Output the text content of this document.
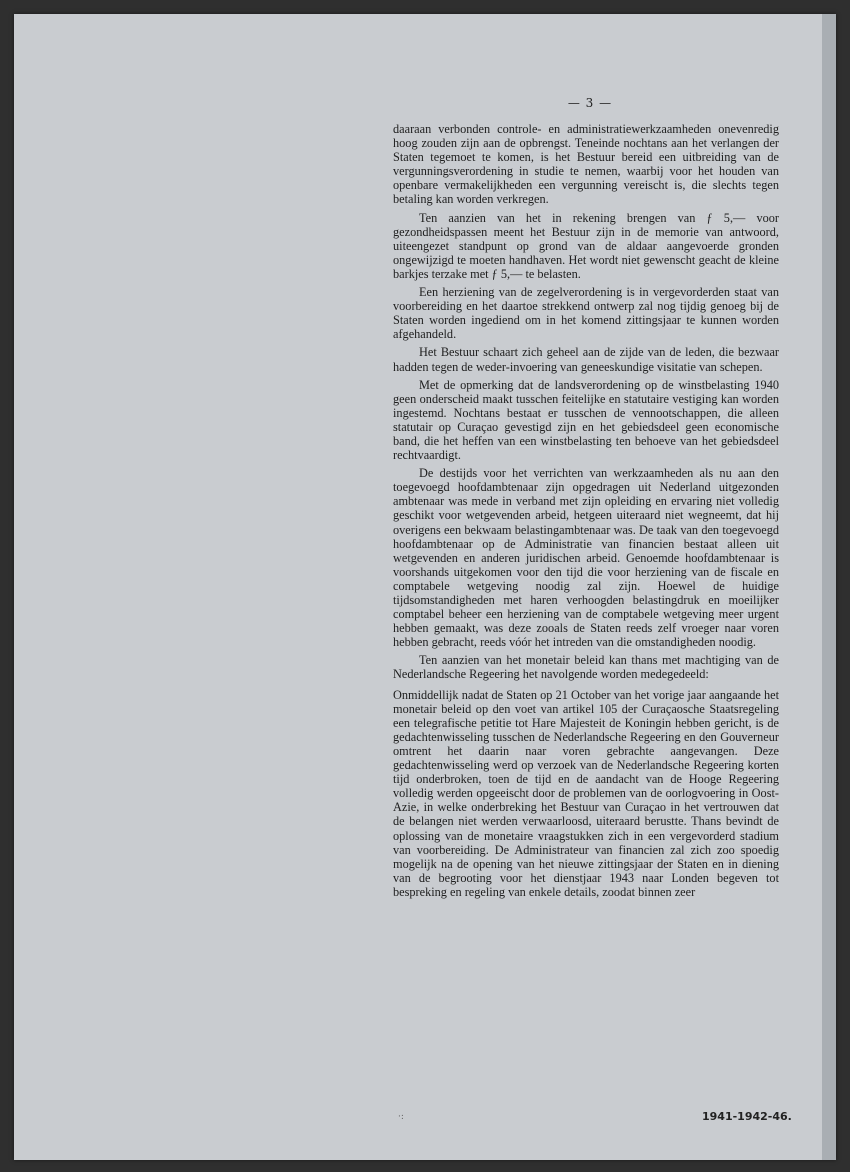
— 3 —

daaraan verbonden controle- en administratiewerkzaamheden onevenredig hoog zouden zijn aan de opbrengst. Teneinde nochtans aan het verlangen der Staten tegemoet te komen, is het Bestuur bereid een uitbreiding van de vergunningsverordening in studie te nemen, waarbij voor het houden van openbare vermakelijkheden een vergunning vereischt is, die slechts tegen betaling kan worden verkregen.

Ten aanzien van het in rekening brengen van ƒ 5,— voor gezondheidspassen meent het Bestuur zijn in de memorie van antwoord, uiteengezet standpunt op grond van de aldaar aangevoerde gronden ongewijzigd te moeten handhaven. Het wordt niet gewenscht geacht de kleine barkjes terzake met ƒ 5,— te belasten.

Een herziening van de zegelverordening is in vergevorderden staat van voorbereiding en het daartoe strekkend ontwerp zal nog tijdig genoeg bij de Staten worden ingediend om in het komend zittingsjaar te kunnen worden afgehandeld.

Het Bestuur schaart zich geheel aan de zijde van de leden, die bezwaar hadden tegen de weder-invoering van geneeskundige visitatie van schepen.

Met de opmerking dat de landsverordening op de winstbelasting 1940 geen onderscheid maakt tusschen feitelijke en statutaire vestiging kan worden ingestemd. Nochtans bestaat er tusschen de vennootschappen, die alleen statutair op Curaçao gevestigd zijn en het gebiedsdeel geen economische band, die het heffen van een winstbelasting ten behoeve van het gebiedsdeel rechtvaardigt.

De destijds voor het verrichten van werkzaamheden als nu aan den toegevoegd hoofdambtenaar zijn opgedragen uit Nederland uitgezonden ambtenaar was mede in verband met zijn opleiding en ervaring niet volledig geschikt voor wetgevenden arbeid, hetgeen uiteraard niet wegneemt, dat hij overigens een bekwaam belastingambtenaar was. De taak van den toegevoegd hoofdambtenaar op de Administratie van financien bestaat alleen uit wetgevenden en anderen juridischen arbeid. Genoemde hoofdambtenaar is voorshands uitgekomen voor den tijd die voor herziening van de fiscale en comptabele wetgeving noodig zal zijn. Hoewel de huidige tijdsomstandigheden met haren verhoogden belastingdruk en moeilijker comptabel beheer een herziening van de comptabele wetgeving meer urgent hebben gemaakt, was deze zooals de Staten reeds zelf vroeger naar voren hebben gebracht, reeds vóór het intreden van die omstandigheden noodig.

Ten aanzien van het monetair beleid kan thans met machtiging van de Nederlandsche Regeering het navolgende worden medegedeeld:

Onmiddellijk nadat de Staten op 21 October van het vorige jaar aangaande het monetair beleid op den voet van artikel 105 der Curaçaosche Staatsregeling een telegrafische petitie tot Hare Majesteit de Koningin hebben gericht, is de gedachtenwisseling tusschen de Nederlandsche Regeering en den Gouverneur omtrent het daarin naar voren gebrachte aangevangen. Deze gedachtenwisseling werd op verzoek van de Nederlandsche Regeering korten tijd onderbroken, toen de tijd en de aandacht van de Hooge Regeering volledig werden opgeeischt door de problemen van de oorlogvoering in Oost-Azie, in welke onderbreking het Bestuur van Curaçao in het vertrouwen dat de belangen niet werden verwaarloosd, uiteraard berustte. Thans bevindt de oplossing van de monetaire vraagstukken zich in een vergevorderd stadium van voorbereiding. De Administrateur van financien zal zich zoo spoedig mogelijk na de opening van het nieuwe zittingsjaar der Staten en in diening van de begrooting voor het dienstjaar 1943 naar Londen begeven tot bespreking en regeling van enkele details, zoodat binnen zeer

·:	1941-1942-46.
